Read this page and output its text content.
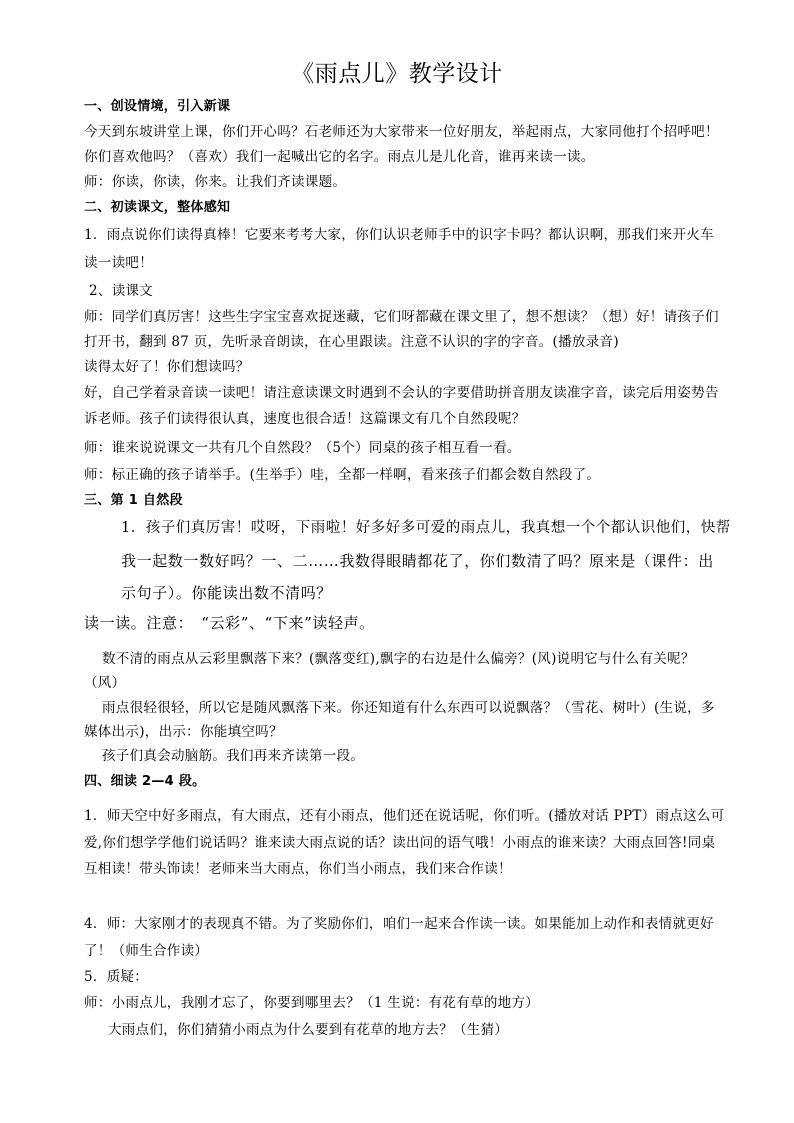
《雨点儿》教学设计
一、创设情境，引入新课
今天到东坡讲堂上课，你们开心吗？石老师还为大家带来一位好朋友，举起雨点，大家同他打个招呼吧！
你们喜欢他吗？（喜欢）我们一起喊出它的名字。雨点儿是儿化音，谁再来读一读。
师：你读，你读，你来。让我们齐读课题。
二、初读课文，整体感知
1．雨点说你们读得真棒！它要来考考大家，你们认识老师手中的识字卡吗？都认识啊，那我们来开火车
读一读吧！
2、读课文
师：同学们真厉害！这些生字宝宝喜欢捉迷藏，它们呀都藏在课文里了，想不想读？（想）好！请孩子们
打开书，翻到 87 页，先听录音朗读，在心里跟读。注意不认识的字的字音。(播放录音)
读得太好了！你们想读吗？
好，自己学着录音读一读吧！请注意读课文时遇到不会认的字要借助拼音朋友读准字音，读完后用姿势告
诉老师。孩子们读得很认真，速度也很合适！这篇课文有几个自然段呢？
师：谁来说说课文一共有几个自然段？（5个）同桌的孩子相互看一看。
师：标正确的孩子请举手。(生举手）哇，全都一样啊，看来孩子们都会数自然段了。
三、第 1 自然段
1．孩子们真厉害！哎呀，下雨啦！好多好多可爱的雨点儿，我真想一个个都认识他们，快帮
我一起数一数好吗？一、二……我数得眼睛都花了，你们数清了吗？原来是（课件：出
示句子）。你能读出数不清吗？
读一读。注意：　“云彩”、“下来”读轻声。
数不清的雨点从云彩里飘落下来？(飘落变红),飘字的右边是什么偏旁？(风)说明它与什么有关呢？
（风）
雨点很轻很轻，所以它是随风飘落下来。你还知道有什么东西可以说飘落？（雪花、树叶）(生说，多
媒体出示)，出示：你能填空吗？
孩子们真会动脑筋。我们再来齐读第一段。
四、细读 2—4 段。
1．师天空中好多雨点，有大雨点，还有小雨点，他们还在说话呢，你们听。(播放对话 PPT）雨点这么可
爱,你们想学学他们说话吗？谁来读大雨点说的话？读出问的语气哦！小雨点的谁来读？大雨点回答!同桌
互相读！带头饰读！老师来当大雨点，你们当小雨点，我们来合作读！
4．师：大家刚才的表现真不错。为了奖励你们，咱们一起来合作读一读。如果能加上动作和表情就更好
了！（师生合作读）
5．质疑：
师：小雨点儿，我刚才忘了，你要到哪里去？（1 生说：有花有草的地方）
大雨点们，你们猜猜小雨点为什么要到有花草的地方去？（生猜）
